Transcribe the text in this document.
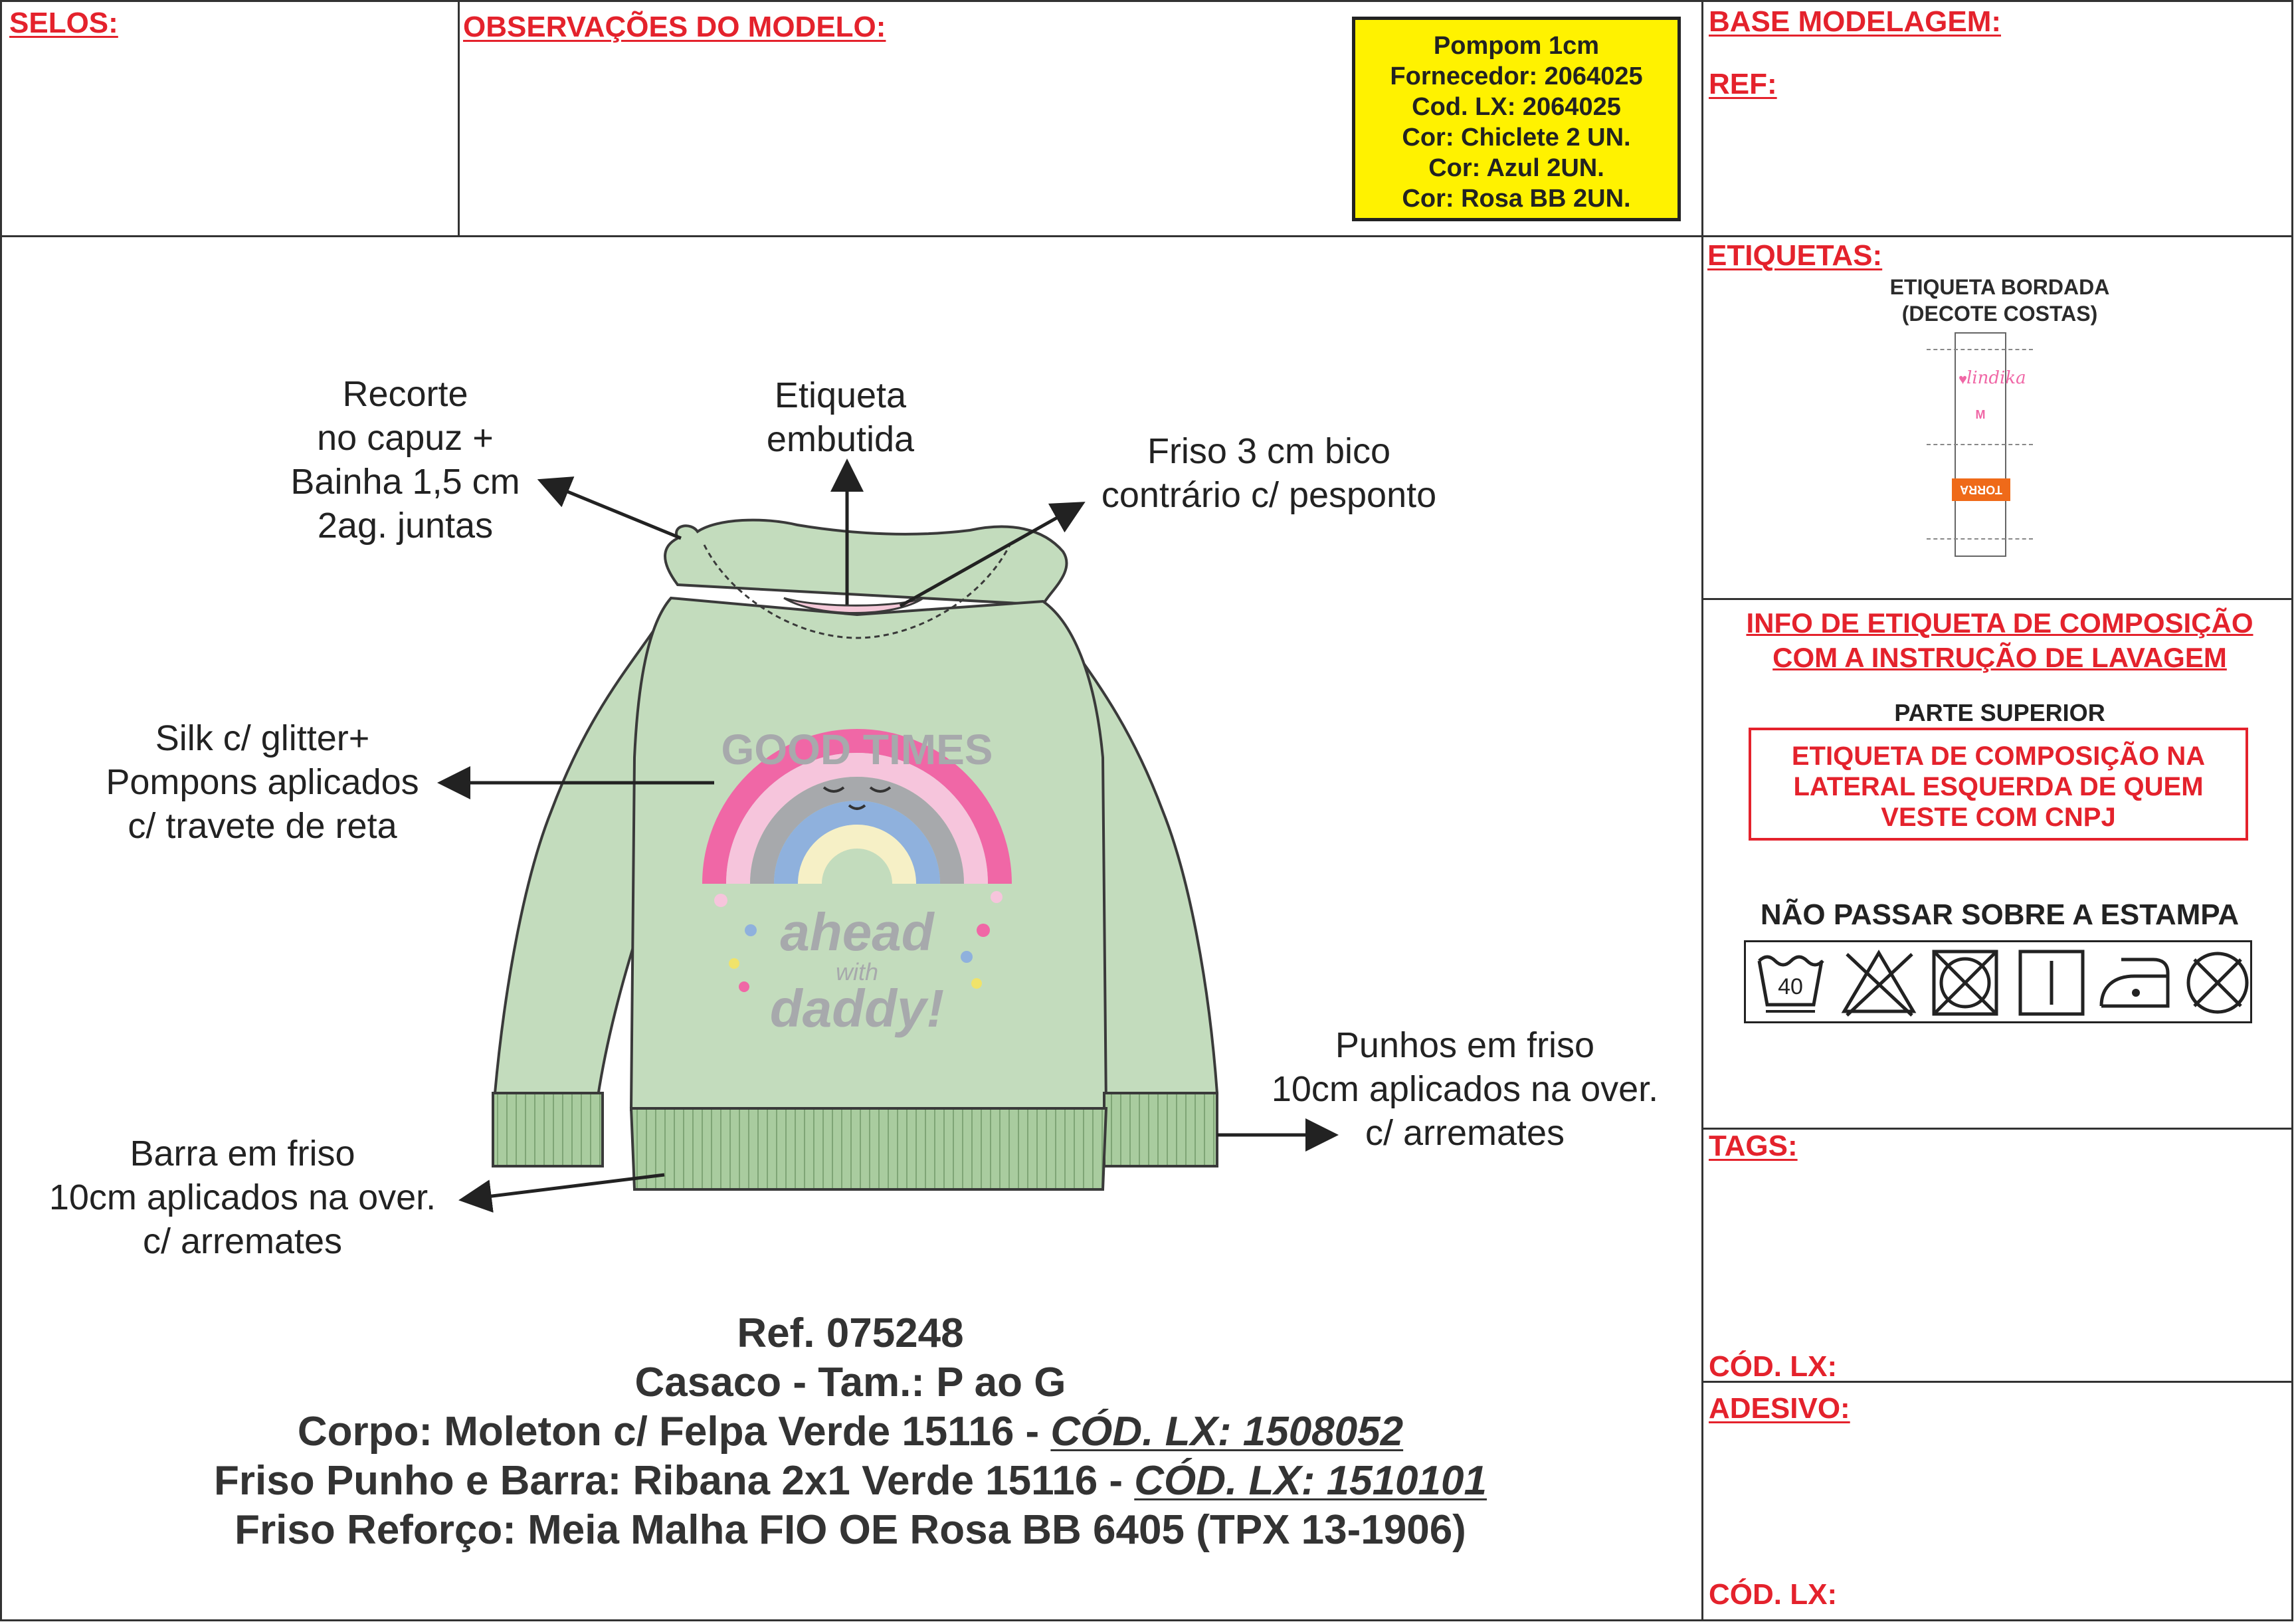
SELOS:	OBSERVAÇÕES DO MODELO:	BASE MODELAGEM:
REF:
Pompom 1cm
Fornecedor: 2064025
Cod. LX: 2064025
Cor: Chiclete 2 UN.
Cor: Azul 2UN.
Cor: Rosa BB 2UN.
GOOD TIMES
ahead
with
daddy!
Recorte
no capuz +
Bainha 1,5 cm
2ag. juntas
Etiqueta
embutida	Friso 3 cm bico
contrário c/ pesponto
Silk c/ glitter+
Pompons aplicados
c/ travete de reta
Punhos em friso
10cm aplicados na over.
c/ arremates
Barra em friso
10cm aplicados na over.
c/ arremates
Ref. 075248
Casaco - Tam.: P ao G
Corpo: Moleton c/ Felpa Verde 15116 - CÓD. LX: 1508052
Friso Punho e Barra: Ribana 2x1 Verde 15116 - CÓD. LX: 1510101
Friso Reforço: Meia Malha FIO OE Rosa BB 6405 (TPX 13-1906)
ETIQUETAS:
ETIQUETA BORDADA
(DECOTE COSTAS)
♥
lindika
M
TORRA
INFO DE ETIQUETA DE COMPOSIÇÃO
COM A INSTRUÇÃO DE LAVAGEM
PARTE SUPERIOR
ETIQUETA DE COMPOSIÇÃO NA
LATERAL ESQUERDA DE QUEM
VESTE COM CNPJ
NÃO PASSAR SOBRE A ESTAMPA
40
TAGS:
CÓD. LX:
ADESIVO:
CÓD. LX:
